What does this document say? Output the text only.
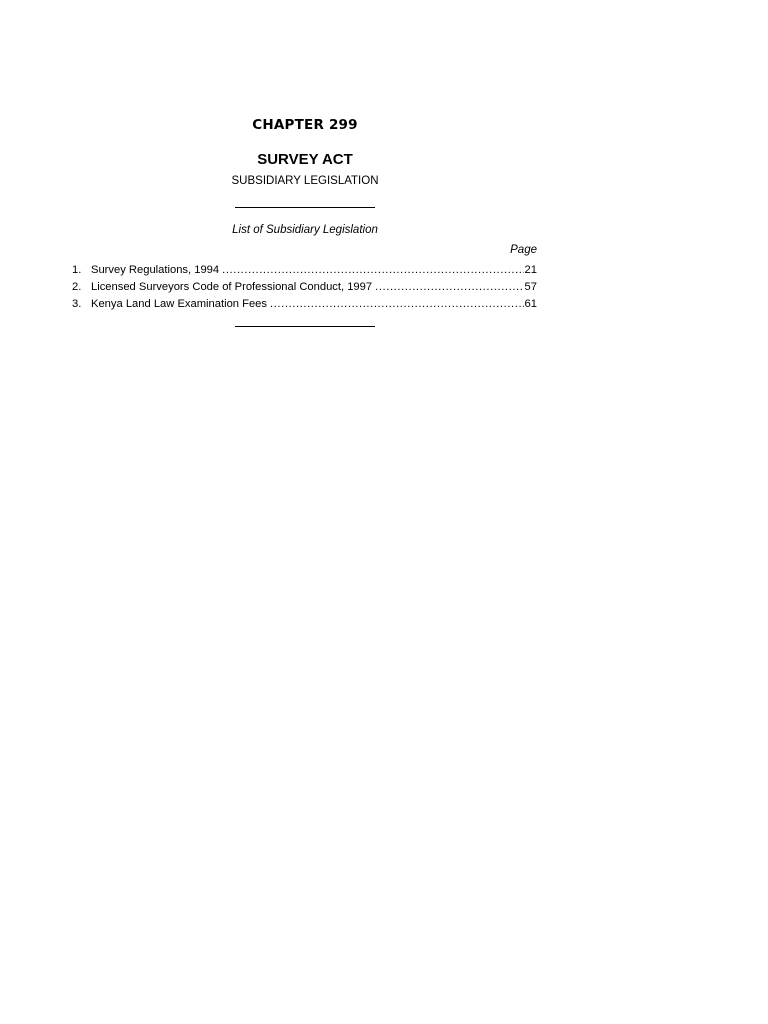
CHAPTER 299
SURVEY ACT
SUBSIDIARY LEGISLATION
List of Subsidiary Legislation
Page
1. Survey Regulations, 1994 .....	21
2. Licensed Surveyors Code of Professional Conduct, 1997 .....	57
3. Kenya Land Law Examination Fees .....	61
